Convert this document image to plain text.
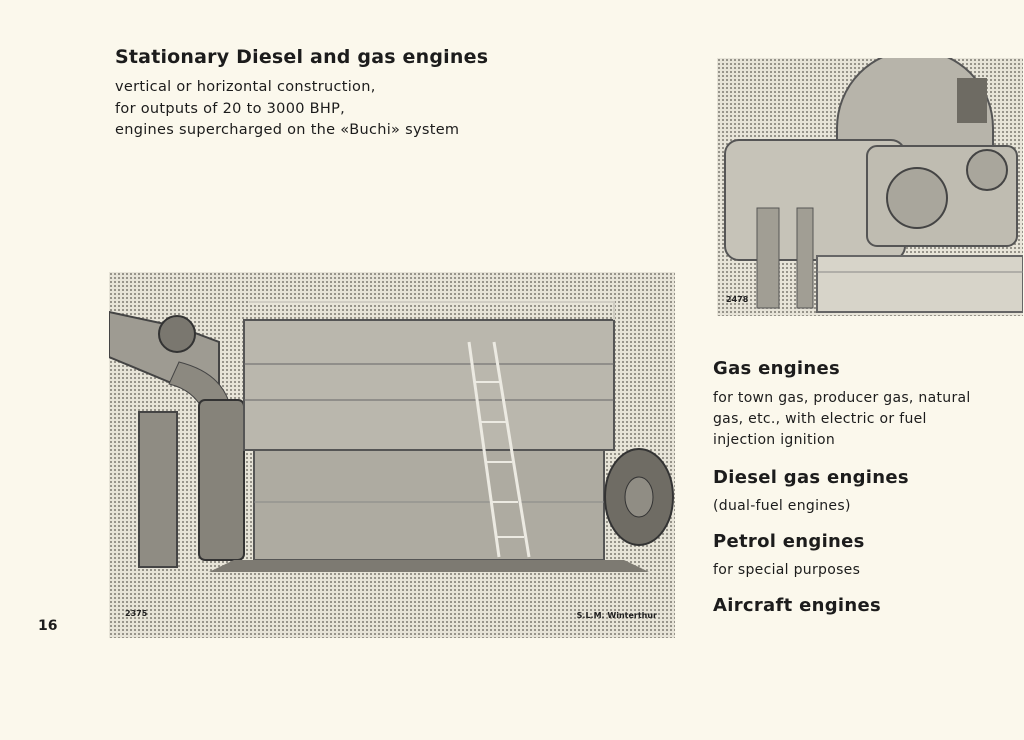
Stationary Diesel and gas engines
vertical or horizontal construction,
for outputs of 20 to 3000 BHP,
engines supercharged on the «Buchi» system
2478
2375	S.L.M. Winterthur
Gas engines
for town gas, producer gas, natural
gas, etc., with electric or fuel
injection ignition
Diesel gas engines
(dual-fuel engines)
Petrol engines
for special purposes
Aircraft engines
16
